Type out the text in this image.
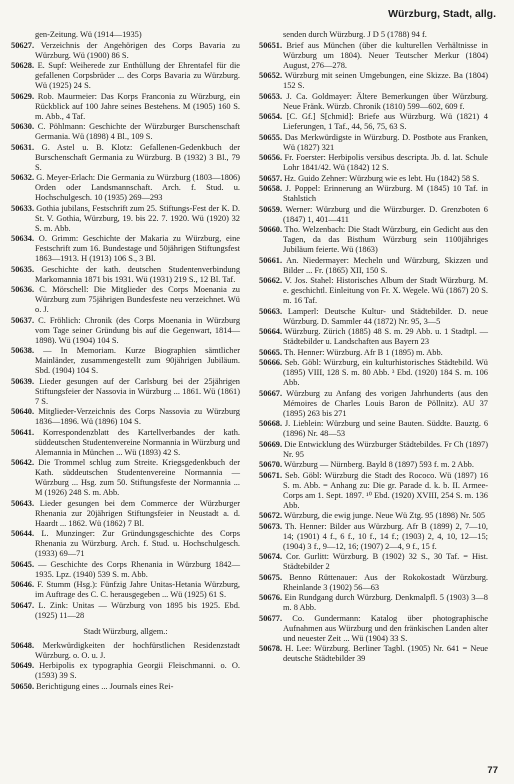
Würzburg, Stadt, allg.
gen-Zeitung. Wü (1914—1935)
50627. Verzeichnis der Angehörigen des Corps Bavaria zu Würzburg. Wü (1900) 86 S.
50628. E. Supf: Weiherede zur Enthüllung der Ehrentafel für die gefallenen Corpsbrüder ... des Corps Bavaria zu Würzburg. Wü (1925) 24 S.
50629. Rob. Maurmeier: Das Korps Franconia zu Würzburg, ein Rückblick auf 100 Jahre seines Bestehens. M (1905) 160 S. m. Abb., 4 Taf.
50630. C. Pöhlmann: Geschichte der Würzburger Burschenschaft Germania. Wü (1898) 4 Bl., 109 S.
50631. G. Astel u. B. Klotz: Gefallenen-Gedenkbuch der Burschenschaft Germania zu Würzburg. B (1932) 3 Bl., 79 S.
50632. G. Meyer-Erlach: Die Germania zu Würzburg (1803—1806) Orden oder Landsmannschaft. Arch. f. Stud. u. Hochschulgesch. 10 (1935) 269—293
50633. Gothia jubilans, Festschrift zum 25. Stiftungs-Fest der K. D. St. V. Gothia, Würzburg, 19. bis 22. 7. 1920. Wü (1920) 32 S. m. Abb.
50634. O. Grimm: Geschichte der Makaria zu Würzburg, eine Festschrift zum 16. Bundestage und 50jährigen Stiftungsfest 1863—1913. H (1913) 106 S., 3 Bl.
50635. Geschichte der kath. deutschen Studentenverbindung Markomannia 1871 bis 1931. Wü (1931) 219 S., 12 Bl. Taf.
50636. C. Mörschell: Die Mitglieder des Corps Moenania zu Würzburg zum 75jährigen Bundesfeste neu verzeichnet. Wü o. J.
50637. C. Fröhlich: Chronik (des Corps Moenania in Würzburg vom Tage seiner Gründung bis auf die Gegenwart, 1814—1898). Wü (1904) 104 S.
50638. — In Memoriam. Kurze Biographien sämtlicher Mainländer, zusammengestellt zum 90jährigen Jubiläum. Sbd. (1904) 104 S.
50639. Lieder gesungen auf der Carlsburg bei der 25jährigen Stiftungsfeier der Nassovia in Würzburg ... 1861. Wü (1861) 7 S.
50640. Mitglieder-Verzeichnis des Corps Nassovia zu Würzburg 1836—1896. Wü (1896) 104 S.
50641. Korrespondenzblatt des Kartellverbandes der kath. süddeutschen Studentenvereine Normannia in Würzburg und Alemannia in München ... Wü (1893) 42 S.
50642. Die Trommel schlug zum Streite. Kriegsgedenkbuch der Kath. süddeutschen Studentenvereine Normannia — Würzburg ... Hsg. zum 50. Stiftungsfeste der Normannia ... M (1926) 248 S. m. Abb.
50643. Lieder gesungen bei dem Commerce der Würzburger Rhenania zur 20jährigen Stiftungsfeier in Neustadt a. d. Haardt ... 1862. Wü (1862) 7 Bl.
50644. L. Munzinger: Zur Gründungsgeschichte des Corps Rhenania zu Würzburg. Arch. f. Stud. u. Hochschulgesch. (1933) 69—71
50645. — Geschichte des Corps Rhenania in Würzburg 1842—1935. Lpz. (1940) 539 S. m. Abb.
50646. F. Stumm (Hsg.): Fünfzig Jahre Unitas-Hetania Würzburg, im Auftrage des C. C. herausgegeben ... Wü (1925) 61 S.
50647. L. Zink: Unitas — Würzburg von 1895 bis 1925. Ebd. (1925) 11—28
Stadt Würzburg, allgem.:
50648. Merkwürdigkeiten der hochfürstlichen Residenzstadt Würzburg. o. O. u. J.
50649. Herbipolis ex typographia Georgii Fleischmanni. o. O. (1593) 39 S.
50650. Berichtigung eines ... Journals eines Rei-
senden durch Würzburg. J D 5 (1788) 94 f.
50651. Brief aus München (über die kulturellen Verhältnisse in Würzburg um 1804). Neuer Teutscher Merkur (1804) August, 276—278.
50652. Würzburg mit seinen Umgebungen, eine Skizze. Ba (1804) 152 S.
50653. J. Ca. Goldmayer: Ältere Bemerkungen über Würzburg. Neue Fränk. Würzb. Chronik (1810) 599—602, 609 f.
50654. [C. Gf.] S[chmid]: Briefe aus Würzburg. Wü (1821) 4 Lieferungen, 1 Taf., 44, 56, 75, 63 S.
50655. Das Merkwürdigste in Würzburg. D. Postbote aus Franken, Wü (1827) 321
50656. Fr. Foerster: Herbipolis versibus descripta. Jb. d. lat. Schule Lohr 1841/42. Wü (1842) 12 S.
50657. Hz. Guido Zehner: Würzburg wie es lebt. Hu (1842) 58 S.
50658. J. Poppel: Erinnerung an Würzburg. M (1845) 10 Taf. in Stahlstich
50659. Werner: Würzburg und die Würzburger. D. Grenzboten 6 (1847) 1, 401—411
50660. Tho. Welzenbach: Die Stadt Würzburg, ein Gedicht aus den Tagen, da das Bisthum Würzburg sein 1100jähriges Jubiläum feierte. Wü (1863)
50661. An. Niedermayer: Mecheln und Würzburg, Skizzen und Bilder ... Fr. (1865) XII, 150 S.
50662. V. Jos. Stahel: Historisches Album der Stadt Würzburg. M. e. geschichtl. Einleitung von Fr. X. Wegele. Wü (1867) 20 S. m. 16 Taf.
50663. Lamperl: Deutsche Kultur- und Städtebilder. D. neue Würzburg. D. Sammler 44 (1872) Nr. 95, 3—5
50664. Würzburg. Zürich (1885) 48 S. m. 29 Abb. u. 1 Stadtpl. — Städtebilder u. Landschaften aus Bayern 23
50665. Th. Henner: Würzburg. Afr B 1 (1895) m. Abb.
50666. Seb. Göbl: Würzburg, ein kulturhistorisches Städtebild. Wü (1895) VIII, 128 S. m. 80 Abb. ³ Ebd. (1920) 184 S. m. 106 Abb.
50667. Würzburg zu Anfang des vorigen Jahrhunderts (aus den Mémoires de Charles Louis Baron de Pöllnitz). AU 37 (1895) 263 bis 271
50668. J. Lieblein: Würzburg und seine Bauten. Süddte. Bauztg. 6 (1896) Nr. 48—53
50669. Die Entwicklung des Würzburger Städtebildes. Fr Ch (1897) Nr. 95
50670. Würzburg — Nürnberg. Bayld 8 (1897) 593 f. m. 2 Abb.
50671. Seb. Göbl: Würzburg die Stadt des Rococo. Wü (1897) 16 S. m. Abb. = Anhang zu: Die gr. Parade d. k. b. II. Armee-Corps am 1. Sept. 1897. ¹⁰ Ebd. (1920) XVIII, 254 S. m. 136 Abb.
50672. Würzburg, die ewig junge. Neue Wü Ztg. 95 (1898) Nr. 505
50673. Th. Henner: Bilder aus Würzburg. Afr B (1899) 2, 7—10, 14; (1901) 4 f., 6 f., 10 f., 14 f.; (1903) 2, 4, 10, 12—15; (1904) 3 f., 9—12, 16; (1907) 2—4, 9 f., 15 f.
50674. Cor. Gurlitt: Würzburg. B (1902) 32 S., 30 Taf. = Hist. Städtebilder 2
50675. Benno Rüttenauer: Aus der Rokokostadt Würzburg. Rheinlande 3 (1902) 56—63
50676. Ein Rundgang durch Würzburg. Denkmalpfl. 5 (1903) 3—8 m. 8 Abb.
50677. Co. Gundermann: Katalog über photographische Aufnahmen aus Würzburg und den fränkischen Landen alter und neuester Zeit ... Wü (1904) 33 S.
50678. H. Lee: Würzburg. Berliner Tagbl. (1905) Nr. 641 = Neue deutsche Städtebilder 39
77
